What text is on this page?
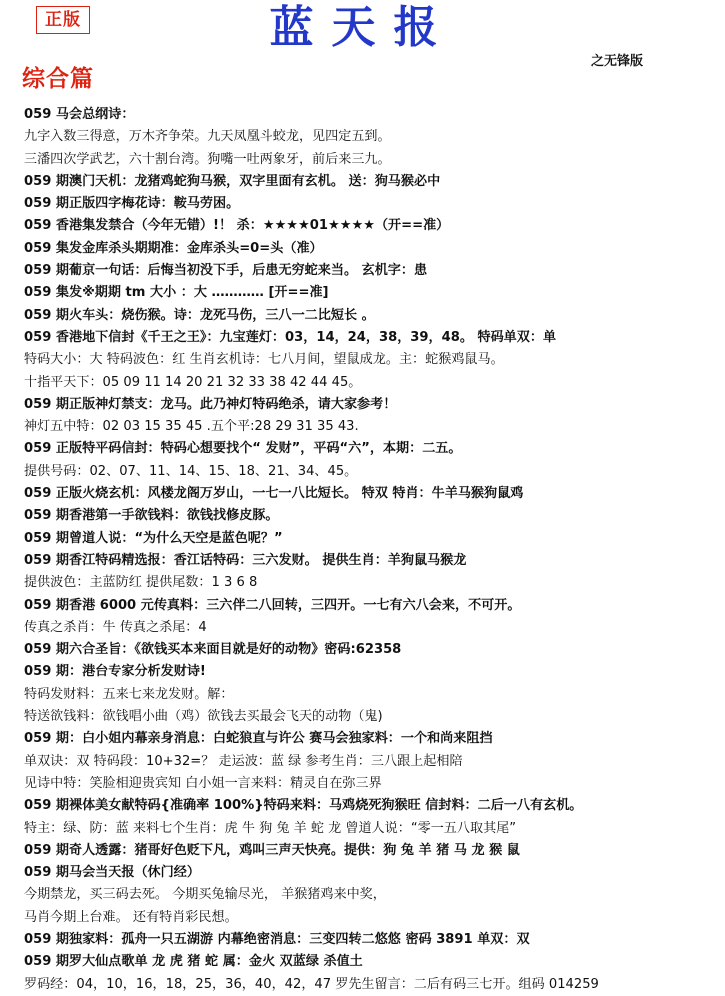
正版	蓝天报
之无锋版
综合篇
059 马会总纲诗：
九字入数三得意，万木齐争荣。九天凤凰斗蛟龙，见四定五到。
三潘四次学武艺，六十割台湾。狗嘴一吐两象牙，前后来三九。
059 期澳门天机：龙猪鸡蛇狗马猴，双字里面有玄机。 送：狗马猴必中
059 期正版四字梅花诗：鞍马劳困。
059 香港集发禁合（今年无错）!！ 杀：★★★★01★★★★（开==准）
059 集发金库杀头期期准：金库杀头=0=头（准）
059 期葡京一句话：后悔当初没下手，后患无穷蛇来当。 玄机字：患
059 集发※期期 tm 大小 ：大 ………… [开==准]
059 期火车头：烧伤猴。诗：龙死马伤，三八一二比短长 。
059 香港地下信封《千王之王》：九宝莲灯：03，14，24，38，39，48。 特码单双：单
特码大小：大 特码波色：红 生肖玄机诗：七八月间，望鼠成龙。主：蛇猴鸡鼠马。
十指平天下：05 09 11 14 20 21 32 33 38 42 44 45。
059 期正版神灯禁支：龙马。此乃神灯特码绝杀，请大家参考！
神灯五中特：02 03 15 35 45 .五个平:28 29 31 35 43.
059 正版特平码信封：特码心想要找个“ 发财”，平码“六”，本期：二五。
提供号码：02、07、11、14、15、18、21、34、45。
059 正版火烧玄机：风楼龙阁万岁山，一七一八比短长。 特双 特肖：牛羊马猴狗鼠鸡
059 期香港第一手欲钱料：欲钱找修皮豚。
059 期曾道人说：“为什么天空是蓝色呢？”
059 期香江特码精选报：香江话特码：三六发财。 提供生肖：羊狗鼠马猴龙
提供波色：主蓝防红 提供尾数：1 3 6 8
059 期香港 6000 元传真料：三六伴二八回转，三四开。一七有六八会来，不可开。
传真之杀肖：牛 传真之杀尾：4
059 期六合圣旨：《欲钱买本来面目就是好的动物》密码:62358
059 期：港台专家分析发财诗!
特码发财料：五来七来龙发财。解：
特送欲钱料：欲钱唱小曲（鸡）欲钱去买最会飞天的动物（鬼)
059 期：白小姐内幕亲身消息：白蛇狼直与许公 赛马会独家料：一个和尚来阻挡
单双诀：双 特码段：10+32=？ 走运波：蓝 绿 参考生肖：三八跟上起相陪
见诗中特：笑脸相迎贵宾知 白小姐一言来料：精灵自在弥三界
059 期裸体美女献特码{准确率 100%}特码来料：马鸡烧死狗猴旺 信封料：二后一八有玄机。
特主：绿、防：蓝 来料七个生肖：虎 牛 狗 兔 羊 蛇 龙 曾道人说：“零一五八取其尾”
059 期奇人透露：猪哥好色贬下凡，鸡叫三声天快亮。提供：狗 兔 羊 猪 马 龙 猴 鼠
059 期马会当天报（休门经）
今期禁龙，买三码去死。 今期买兔输尽光， 羊猴猪鸡来中奖，
马肖今期上台难。 还有特肖彩民想。
059 期独家料：孤舟一只五湖游 内幕绝密消息：三变四转二悠悠 密码 3891 单双：双
059 期罗大仙点歌单 龙 虎 猪 蛇 属：金火 双蓝绿 杀值土
罗码经：04，10，16，18，25，36，40，42，47 罗先生留言：二后有码三七开。组码 014259
